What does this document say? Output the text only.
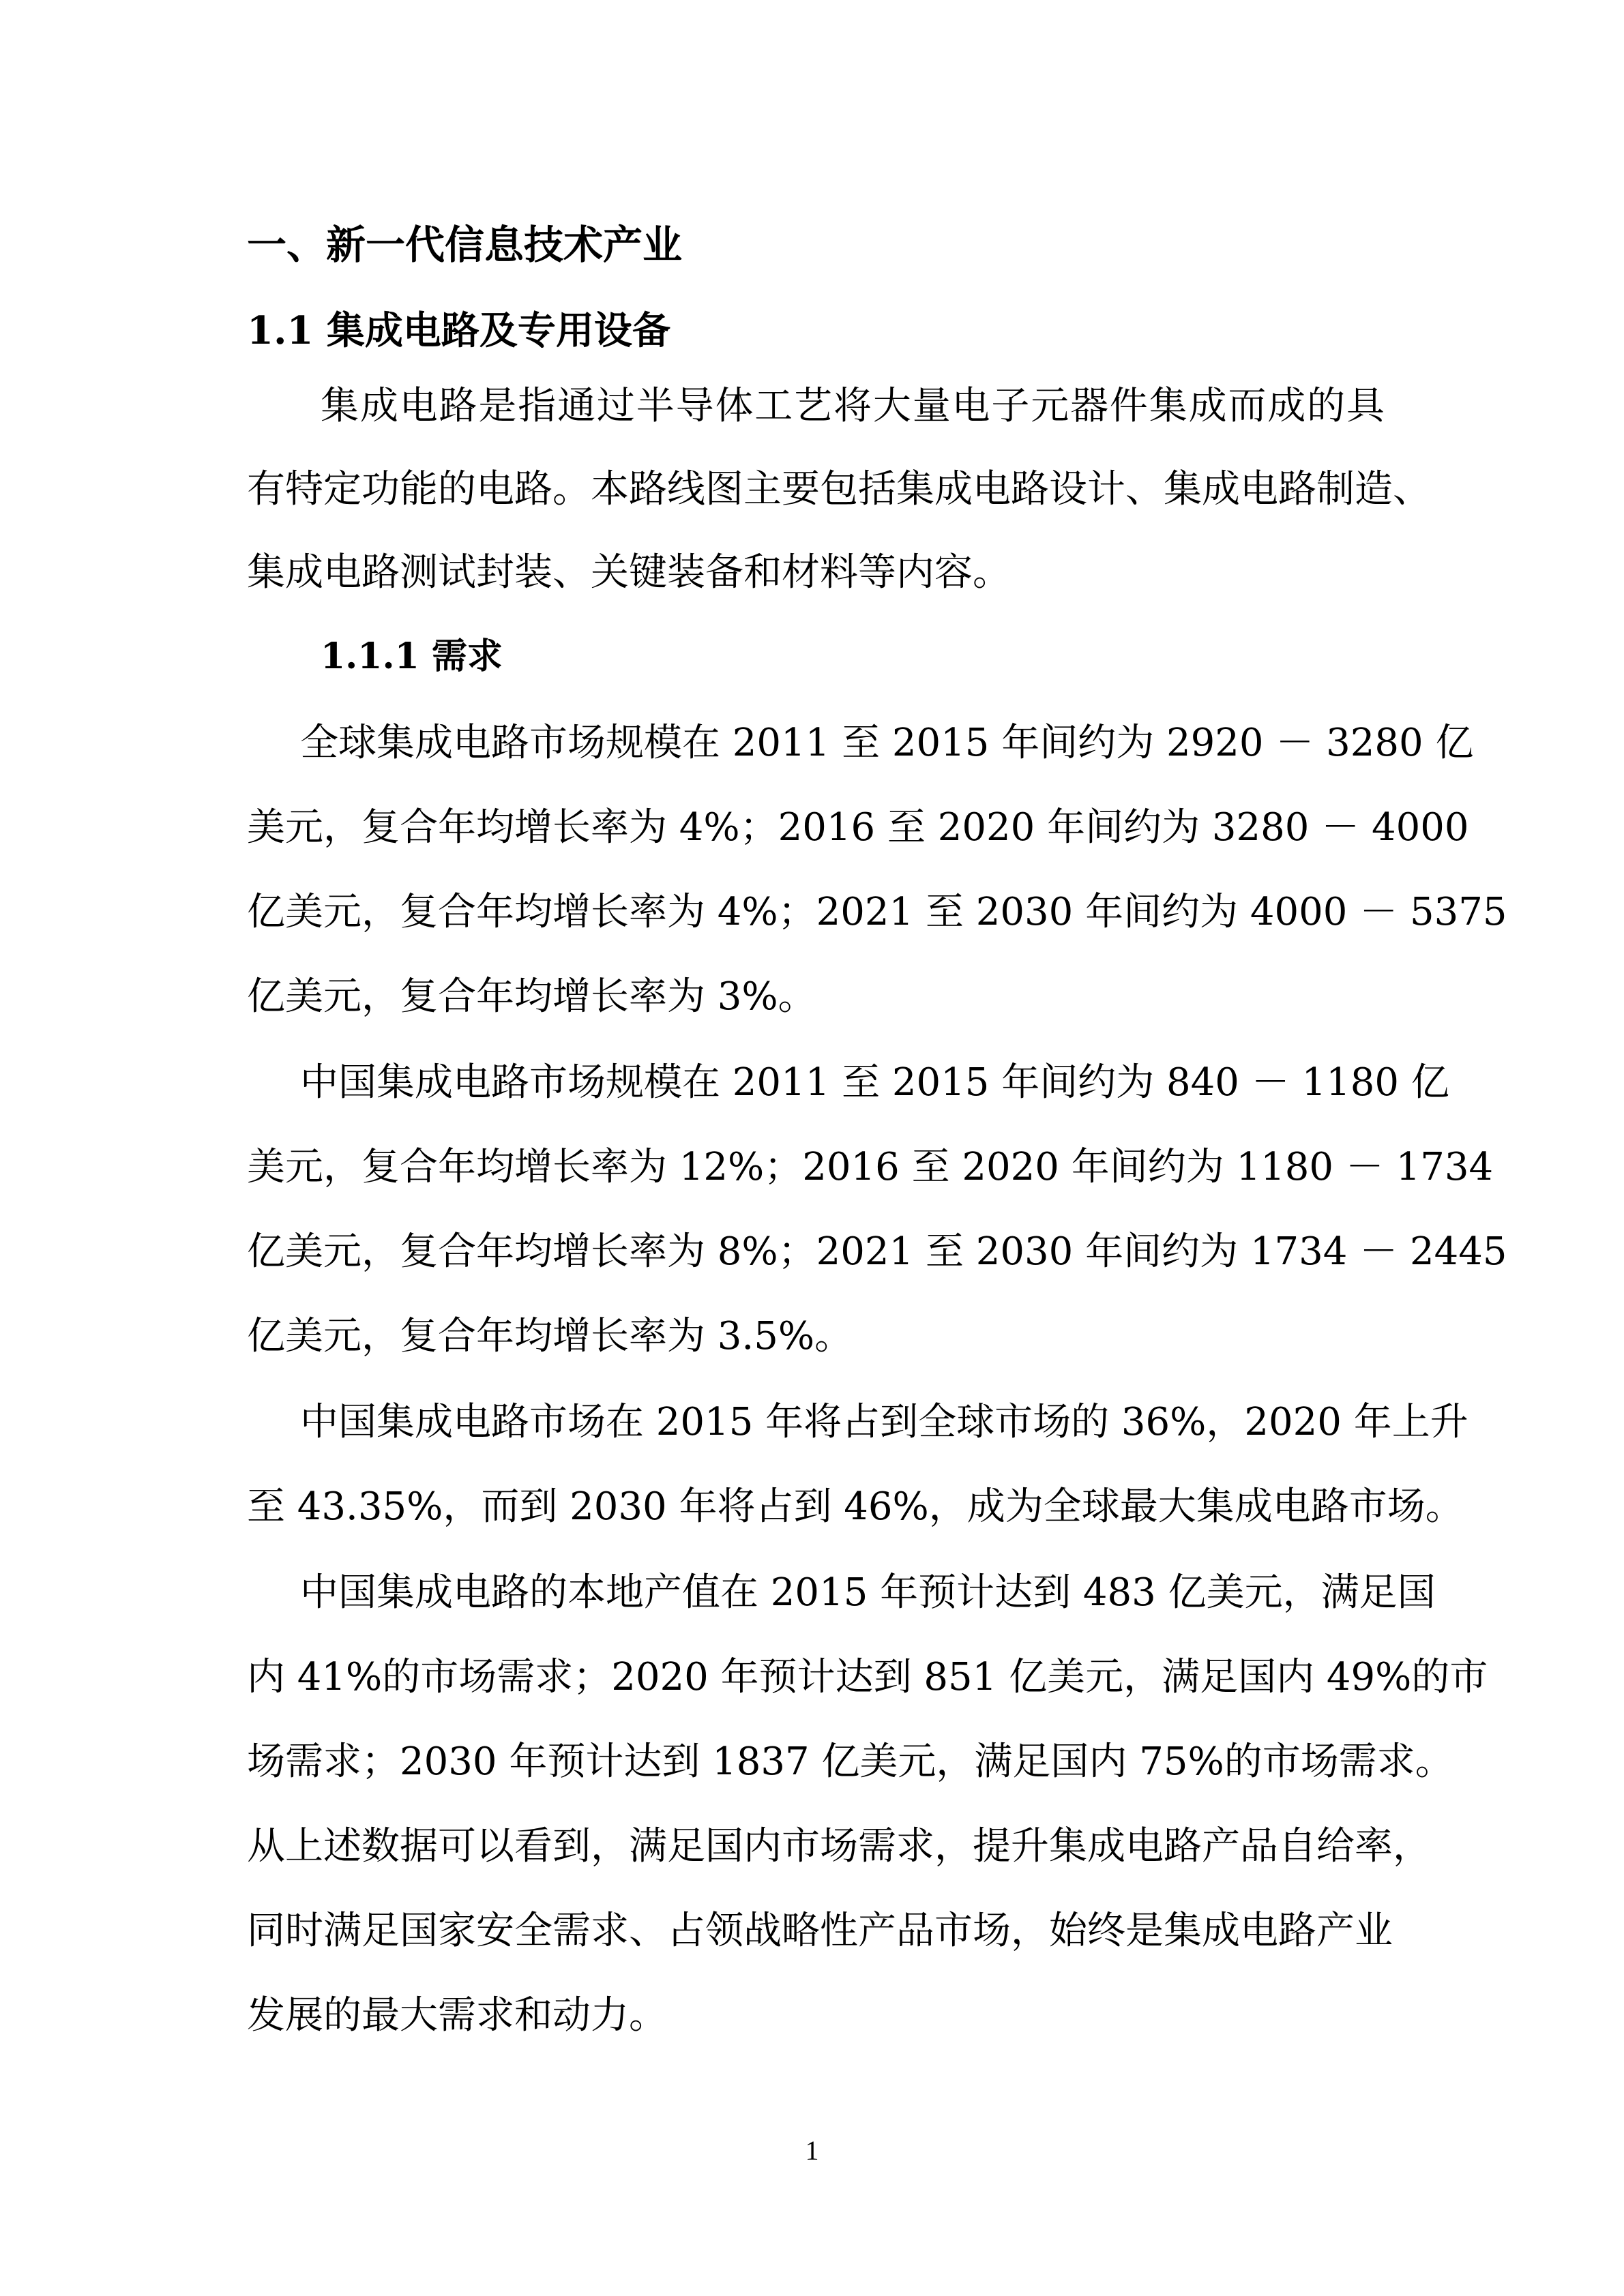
一、新一代信息技术产业
1.1 集成电路及专用设备
集成电路是指通过半导体工艺将大量电子元器件集成而成的具
有特定功能的电路。本路线图主要包括集成电路设计、集成电路制造、
集成电路测试封装、关键装备和材料等内容。
1.1.1 需求
全球集成电路市场规模在 2011 至 2015 年间约为 2920 － 3280 亿
美元，复合年均增长率为 4%；2016 至 2020 年间约为 3280 － 4000
亿美元，复合年均增长率为 4%；2021 至 2030 年间约为 4000 － 5375
亿美元，复合年均增长率为 3%。
中国集成电路市场规模在 2011 至 2015 年间约为 840 － 1180 亿
美元，复合年均增长率为 12%；2016 至 2020 年间约为 1180 － 1734
亿美元，复合年均增长率为 8%；2021 至 2030 年间约为 1734 － 2445
亿美元，复合年均增长率为 3.5%。
中国集成电路市场在 2015 年将占到全球市场的 36%，2020 年上升
至 43.35%，而到 2030 年将占到 46%，成为全球最大集成电路市场。
中国集成电路的本地产值在 2015 年预计达到 483 亿美元，满足国
内 41%的市场需求；2020 年预计达到 851 亿美元，满足国内 49%的市
场需求；2030 年预计达到 1837 亿美元，满足国内 75%的市场需求。
从上述数据可以看到，满足国内市场需求，提升集成电路产品自给率，
同时满足国家安全需求、占领战略性产品市场，始终是集成电路产业
发展的最大需求和动力。
1
